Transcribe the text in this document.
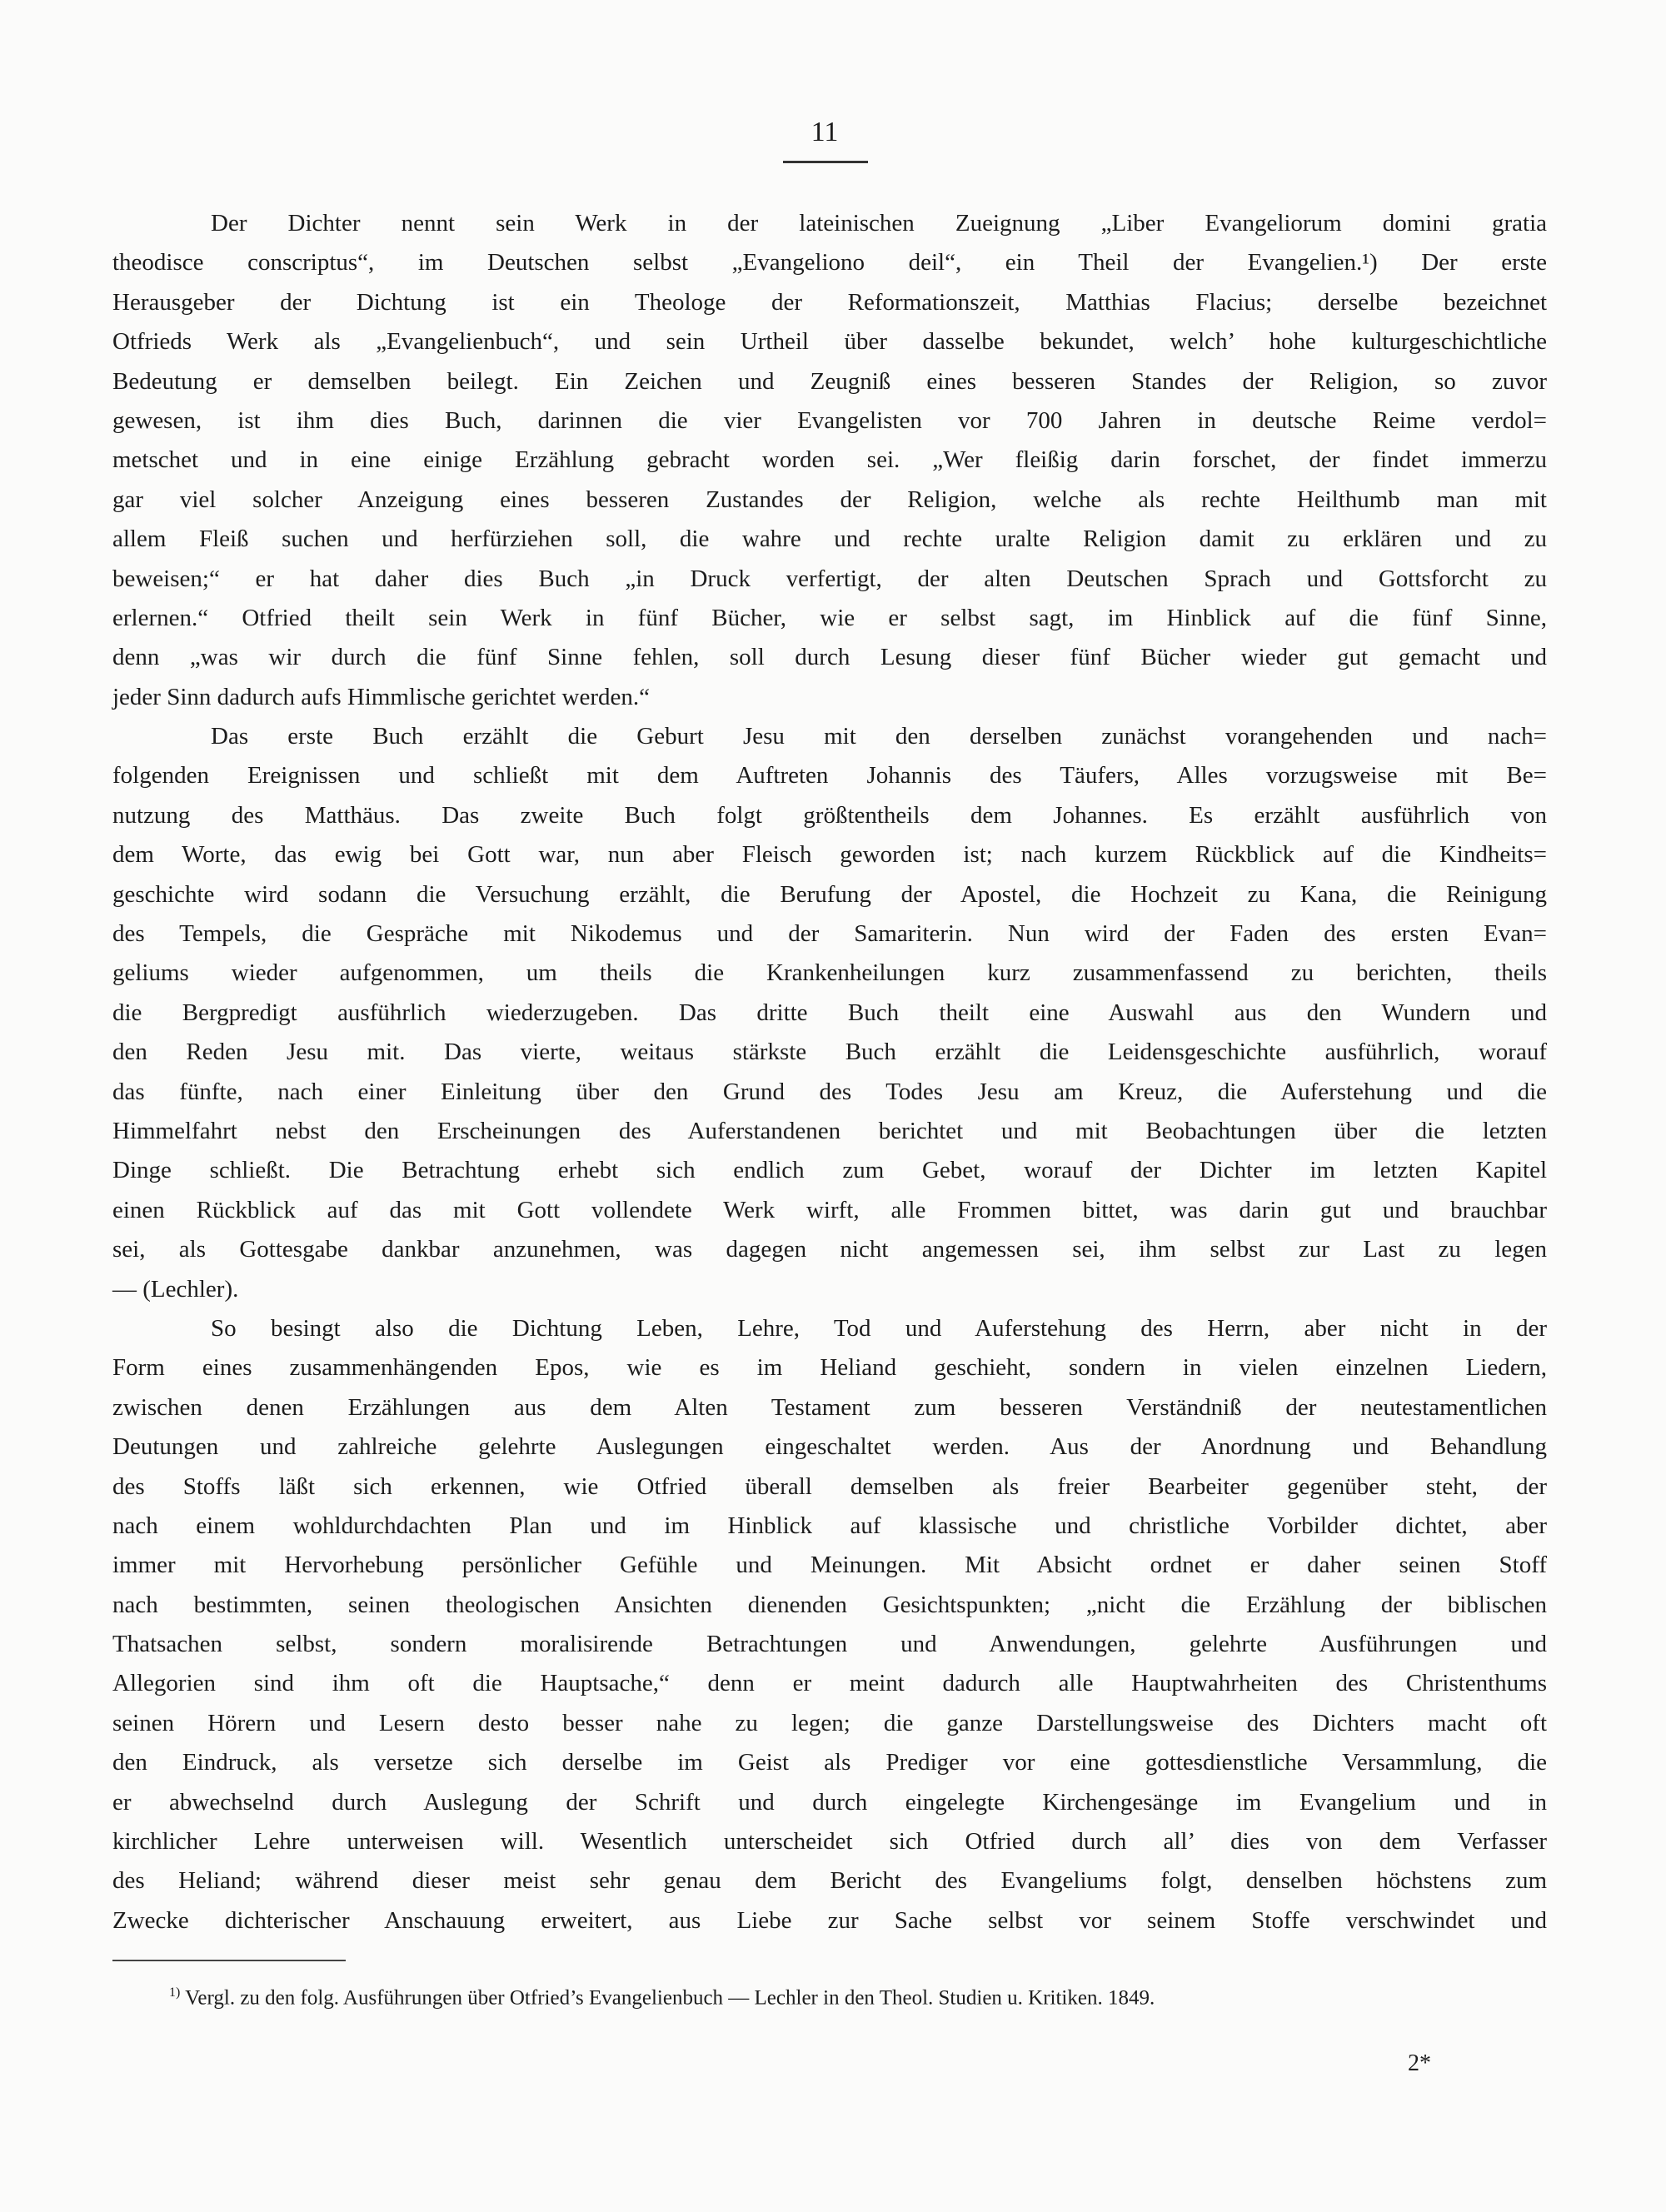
11
Der Dichter nennt sein Werk in der lateinischen Zueignung „Liber Evangeliorum domini gratia
theodisce conscriptus“, im Deutschen selbst „Evangeliono deil“, ein Theil der Evangelien.¹) Der erste
Herausgeber der Dichtung ist ein Theologe der Reformationszeit, Matthias Flacius; derselbe bezeichnet
Otfrieds Werk als „Evangelienbuch“, und sein Urtheil über dasselbe bekundet, welch’ hohe kulturgeschichtliche
Bedeutung er demselben beilegt. Ein Zeichen und Zeugniß eines besseren Standes der Religion, so zuvor
gewesen, ist ihm dies Buch, darinnen die vier Evangelisten vor 700 Jahren in deutsche Reime verdol=
metschet und in eine einige Erzählung gebracht worden sei. „Wer fleißig darin forschet, der findet immerzu
gar viel solcher Anzeigung eines besseren Zustandes der Religion, welche als rechte Heilthumb man mit
allem Fleiß suchen und herfürziehen soll, die wahre und rechte uralte Religion damit zu erklären und zu
beweisen;“ er hat daher dies Buch „in Druck verfertigt, der alten Deutschen Sprach und Gottsforcht zu
erlernen.“ Otfried theilt sein Werk in fünf Bücher, wie er selbst sagt, im Hinblick auf die fünf Sinne,
denn „was wir durch die fünf Sinne fehlen, soll durch Lesung dieser fünf Bücher wieder gut gemacht und
jeder Sinn dadurch aufs Himmlische gerichtet werden.“
Das erste Buch erzählt die Geburt Jesu mit den derselben zunächst vorangehenden und nach=
folgenden Ereignissen und schließt mit dem Auftreten Johannis des Täufers, Alles vorzugsweise mit Be=
nutzung des Matthäus. Das zweite Buch folgt größtentheils dem Johannes. Es erzählt ausführlich von
dem Worte, das ewig bei Gott war, nun aber Fleisch geworden ist; nach kurzem Rückblick auf die Kindheits=
geschichte wird sodann die Versuchung erzählt, die Berufung der Apostel, die Hochzeit zu Kana, die Reinigung
des Tempels, die Gespräche mit Nikodemus und der Samariterin. Nun wird der Faden des ersten Evan=
geliums wieder aufgenommen, um theils die Krankenheilungen kurz zusammenfassend zu berichten, theils
die Bergpredigt ausführlich wiederzugeben. Das dritte Buch theilt eine Auswahl aus den Wundern und
den Reden Jesu mit. Das vierte, weitaus stärkste Buch erzählt die Leidensgeschichte ausführlich, worauf
das fünfte, nach einer Einleitung über den Grund des Todes Jesu am Kreuz, die Auferstehung und die
Himmelfahrt nebst den Erscheinungen des Auferstandenen berichtet und mit Beobachtungen über die letzten
Dinge schließt. Die Betrachtung erhebt sich endlich zum Gebet, worauf der Dichter im letzten Kapitel
einen Rückblick auf das mit Gott vollendete Werk wirft, alle Frommen bittet, was darin gut und brauchbar
sei, als Gottesgabe dankbar anzunehmen, was dagegen nicht angemessen sei, ihm selbst zur Last zu legen
— (Lechler).
So besingt also die Dichtung Leben, Lehre, Tod und Auferstehung des Herrn, aber nicht in der
Form eines zusammenhängenden Epos, wie es im Heliand geschieht, sondern in vielen einzelnen Liedern,
zwischen denen Erzählungen aus dem Alten Testament zum besseren Verständniß der neutestamentlichen
Deutungen und zahlreiche gelehrte Auslegungen eingeschaltet werden. Aus der Anordnung und Behandlung
des Stoffs läßt sich erkennen, wie Otfried überall demselben als freier Bearbeiter gegenüber steht, der
nach einem wohldurchdachten Plan und im Hinblick auf klassische und christliche Vorbilder dichtet, aber
immer mit Hervorhebung persönlicher Gefühle und Meinungen. Mit Absicht ordnet er daher seinen Stoff
nach bestimmten, seinen theologischen Ansichten dienenden Gesichtspunkten; „nicht die Erzählung der biblischen
Thatsachen selbst, sondern moralisirende Betrachtungen und Anwendungen, gelehrte Ausführungen und
Allegorien sind ihm oft die Hauptsache,“ denn er meint dadurch alle Hauptwahrheiten des Christenthums
seinen Hörern und Lesern desto besser nahe zu legen; die ganze Darstellungsweise des Dichters macht oft
den Eindruck, als versetze sich derselbe im Geist als Prediger vor eine gottesdienstliche Versammlung, die
er abwechselnd durch Auslegung der Schrift und durch eingelegte Kirchengesänge im Evangelium und in
kirchlicher Lehre unterweisen will. Wesentlich unterscheidet sich Otfried durch all’ dies von dem Verfasser
des Heliand; während dieser meist sehr genau dem Bericht des Evangeliums folgt, denselben höchstens zum
Zwecke dichterischer Anschauung erweitert, aus Liebe zur Sache selbst vor seinem Stoffe verschwindet und
$^{1)}$ Vergl. zu den folg. Ausführungen über Otfried’s Evangelienbuch — Lechler in den Theol. Studien u. Kritiken. 1849.
2*
